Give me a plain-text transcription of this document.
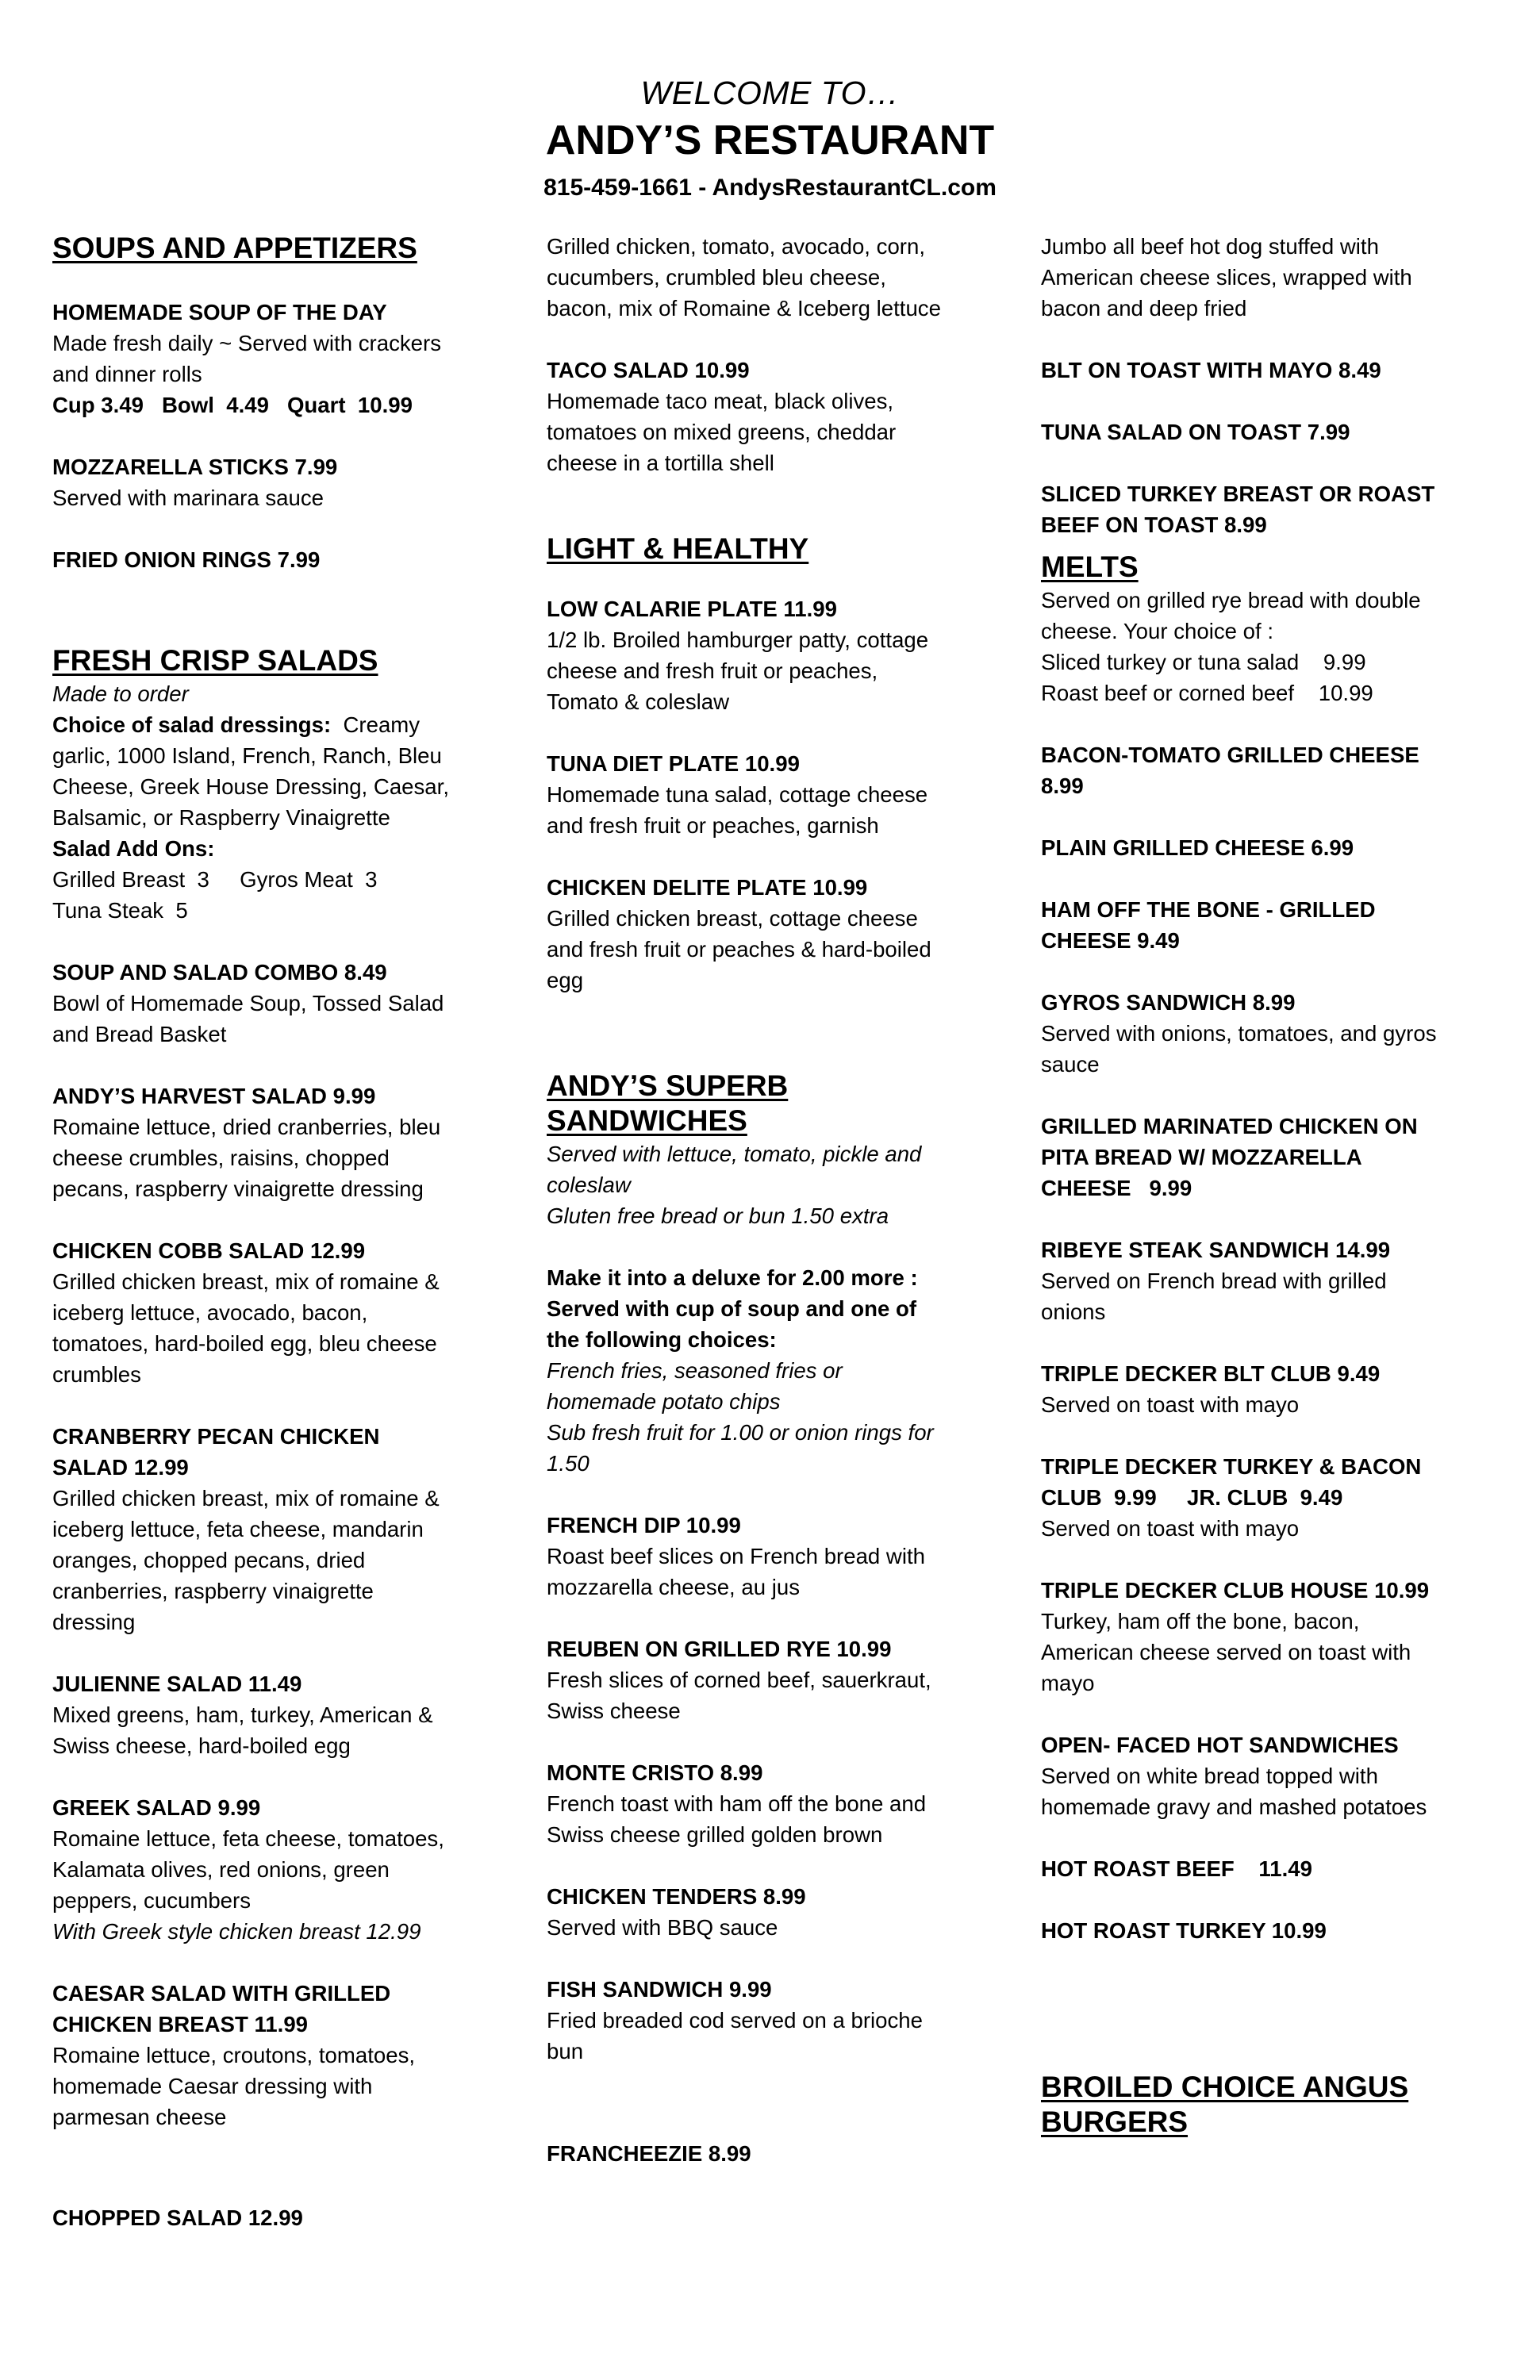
WELCOME TO…
ANDY’S RESTAURANT
815-459-1661 - AndysRestaurantCL.com
SOUPS AND APPETIZERS
HOMEMADE SOUP OF THE DAY
Made fresh daily ~ Served with crackers
and dinner rolls
Cup 3.49   Bowl  4.49   Quart  10.99
MOZZARELLA STICKS 7.99
Served with marinara sauce
FRIED ONION RINGS 7.99
FRESH CRISP SALADS
Made to order
Choice of salad dressings:  Creamy
garlic, 1000 Island, French, Ranch, Bleu
Cheese, Greek House Dressing, Caesar,
Balsamic, or Raspberry Vinaigrette
Salad Add Ons:
Grilled Breast  3     Gyros Meat  3
Tuna Steak  5
SOUP AND SALAD COMBO 8.49
Bowl of Homemade Soup, Tossed Salad
and Bread Basket
ANDY’S HARVEST SALAD 9.99
Romaine lettuce, dried cranberries, bleu
cheese crumbles, raisins, chopped
pecans, raspberry vinaigrette dressing
CHICKEN COBB SALAD 12.99
Grilled chicken breast, mix of romaine &
iceberg lettuce, avocado, bacon,
tomatoes, hard-boiled egg, bleu cheese
crumbles
CRANBERRY PECAN CHICKEN
SALAD 12.99
Grilled chicken breast, mix of romaine &
iceberg lettuce, feta cheese, mandarin
oranges, chopped pecans, dried
cranberries, raspberry vinaigrette
dressing
JULIENNE SALAD 11.49
Mixed greens, ham, turkey, American &
Swiss cheese, hard-boiled egg
GREEK SALAD 9.99
Romaine lettuce, feta cheese, tomatoes,
Kalamata olives, red onions, green
peppers, cucumbers
With Greek style chicken breast 12.99
CAESAR SALAD WITH GRILLED
CHICKEN BREAST 11.99
Romaine lettuce, croutons, tomatoes,
homemade Caesar dressing with
parmesan cheese
CHOPPED SALAD 12.99
Grilled chicken, tomato, avocado, corn,
cucumbers, crumbled bleu cheese,
bacon, mix of Romaine & Iceberg lettuce
TACO SALAD 10.99
Homemade taco meat, black olives,
tomatoes on mixed greens, cheddar
cheese in a tortilla shell
LIGHT & HEALTHY
LOW CALARIE PLATE 11.99
1/2 lb. Broiled hamburger patty, cottage
cheese and fresh fruit or peaches,
Tomato & coleslaw
TUNA DIET PLATE 10.99
Homemade tuna salad, cottage cheese
and fresh fruit or peaches, garnish
CHICKEN DELITE PLATE 10.99
Grilled chicken breast, cottage cheese
and fresh fruit or peaches & hard-boiled
egg
ANDY’S SUPERB
SANDWICHES
Served with lettuce, tomato, pickle and
coleslaw
Gluten free bread or bun 1.50 extra
Make it into a deluxe for 2.00 more :
Served with cup of soup and one of
the following choices:
French fries, seasoned fries or
homemade potato chips
Sub fresh fruit for 1.00 or onion rings for
1.50
FRENCH DIP 10.99
Roast beef slices on French bread with
mozzarella cheese, au jus
REUBEN ON GRILLED RYE 10.99
Fresh slices of corned beef, sauerkraut,
Swiss cheese
MONTE CRISTO 8.99
French toast with ham off the bone and
Swiss cheese grilled golden brown
CHICKEN TENDERS 8.99
Served with BBQ sauce
FISH SANDWICH 9.99
Fried breaded cod served on a brioche
bun
FRANCHEEZIE 8.99
Jumbo all beef hot dog stuffed with
American cheese slices, wrapped with
bacon and deep fried
BLT ON TOAST WITH MAYO 8.49
TUNA SALAD ON TOAST 7.99
SLICED TURKEY BREAST OR ROAST
BEEF ON TOAST 8.99
MELTS
Served on grilled rye bread with double
cheese. Your choice of :
Sliced turkey or tuna salad    9.99
Roast beef or corned beef    10.99
BACON-TOMATO GRILLED CHEESE
8.99
PLAIN GRILLED CHEESE 6.99
HAM OFF THE BONE - GRILLED
CHEESE 9.49
GYROS SANDWICH 8.99
Served with onions, tomatoes, and gyros
sauce
GRILLED MARINATED CHICKEN ON
PITA BREAD W/ MOZZARELLA
CHEESE   9.99
RIBEYE STEAK SANDWICH 14.99
Served on French bread with grilled
onions
TRIPLE DECKER BLT CLUB 9.49
Served on toast with mayo
TRIPLE DECKER TURKEY & BACON
CLUB  9.99     JR. CLUB  9.49
Served on toast with mayo
TRIPLE DECKER CLUB HOUSE 10.99
Turkey, ham off the bone, bacon,
American cheese served on toast with
mayo
OPEN- FACED HOT SANDWICHES
Served on white bread topped with
homemade gravy and mashed potatoes
HOT ROAST BEEF    11.49
HOT ROAST TURKEY 10.99
BROILED CHOICE ANGUS
BURGERS
